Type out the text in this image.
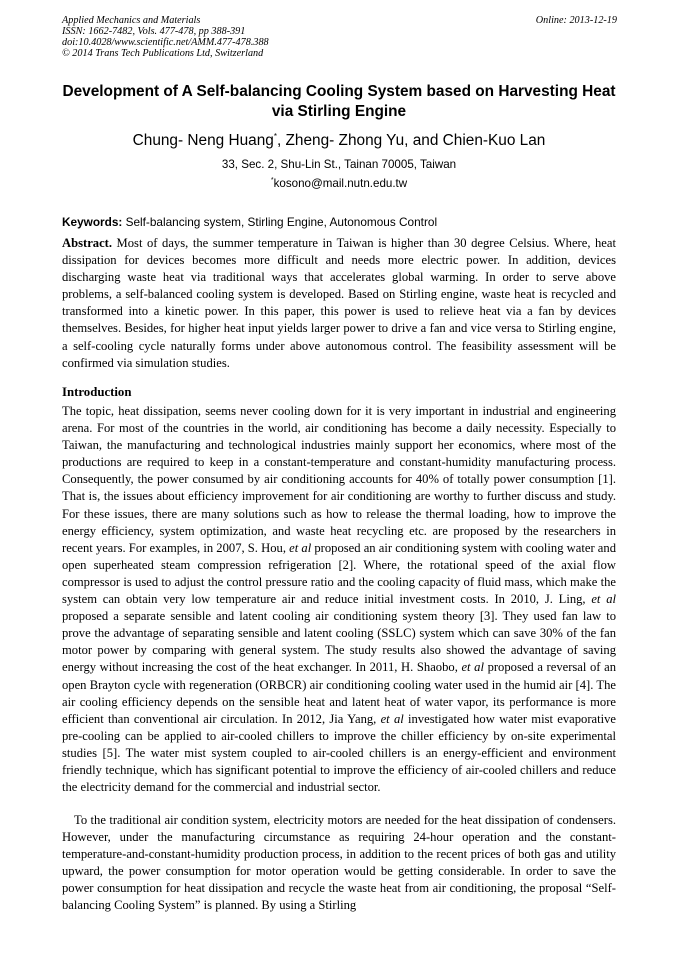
Applied Mechanics and Materials
ISSN: 1662-7482, Vols. 477-478, pp 388-391
doi:10.4028/www.scientific.net/AMM.477-478.388
© 2014 Trans Tech Publications Ltd, Switzerland
Online: 2013-12-19
Development of A Self-balancing Cooling System based on Harvesting Heat via Stirling Engine
Chung- Neng Huang*, Zheng- Zhong Yu, and Chien-Kuo Lan
33, Sec. 2, Shu-Lin St., Tainan 70005, Taiwan
*kosono@mail.nutn.edu.tw
Keywords: Self-balancing system, Stirling Engine, Autonomous Control
Abstract. Most of days, the summer temperature in Taiwan is higher than 30 degree Celsius. Where, heat dissipation for devices becomes more difficult and needs more electric power. In addition, devices discharging waste heat via traditional ways that accelerates global warming. In order to serve above problems, a self-balanced cooling system is developed. Based on Stirling engine, waste heat is recycled and transformed into a kinetic power. In this paper, this power is used to relieve heat via a fan by devices themselves. Besides, for higher heat input yields larger power to drive a fan and vice versa to Stirling engine, a self-cooling cycle naturally forms under above autonomous control. The feasibility assessment will be confirmed via simulation studies.
Introduction
The topic, heat dissipation, seems never cooling down for it is very important in industrial and engineering arena. For most of the countries in the world, air conditioning has become a daily necessity. Especially to Taiwan, the manufacturing and technological industries mainly support her economics, where most of the productions are required to keep in a constant-temperature and constant-humidity manufacturing process. Consequently, the power consumed by air conditioning accounts for 40% of totally power consumption [1]. That is, the issues about efficiency improvement for air conditioning are worthy to further discuss and study. For these issues, there are many solutions such as how to release the thermal loading, how to improve the energy efficiency, system optimization, and waste heat recycling etc. are proposed by the researchers in recent years. For examples, in 2007, S. Hou, et al proposed an air conditioning system with cooling water and open superheated steam compression refrigeration [2]. Where, the rotational speed of the axial flow compressor is used to adjust the control pressure ratio and the cooling capacity of fluid mass, which make the system can obtain very low temperature air and reduce initial investment costs. In 2010, J. Ling, et al proposed a separate sensible and latent cooling air conditioning system theory [3]. They used fan law to prove the advantage of separating sensible and latent cooling (SSLC) system which can save 30% of the fan motor power by comparing with general system. The study results also showed the advantage of saving energy without increasing the cost of the heat exchanger. In 2011, H. Shaobo, et al proposed a reversal of an open Brayton cycle with regeneration (ORBCR) air conditioning cooling water used in the humid air [4]. The air cooling efficiency depends on the sensible heat and latent heat of water vapor, its performance is more efficient than conventional air circulation. In 2012, Jia Yang, et al investigated how water mist evaporative pre-cooling can be applied to air-cooled chillers to improve the chiller efficiency by on-site experimental studies [5]. The water mist system coupled to air-cooled chillers is an energy-efficient and environment friendly technique, which has significant potential to improve the efficiency of air-cooled chillers and reduce the electricity demand for the commercial and industrial sector.
To the traditional air condition system, electricity motors are needed for the heat dissipation of condensers. However, under the manufacturing circumstance as requiring 24-hour operation and the constant-temperature-and-constant-humidity production process, in addition to the recent prices of both gas and utility upward, the power consumption for motor operation would be getting considerable. In order to save the power consumption for heat dissipation and recycle the waste heat from air conditioning, the proposal “Self-balancing Cooling System” is planned. By using a Stirling
